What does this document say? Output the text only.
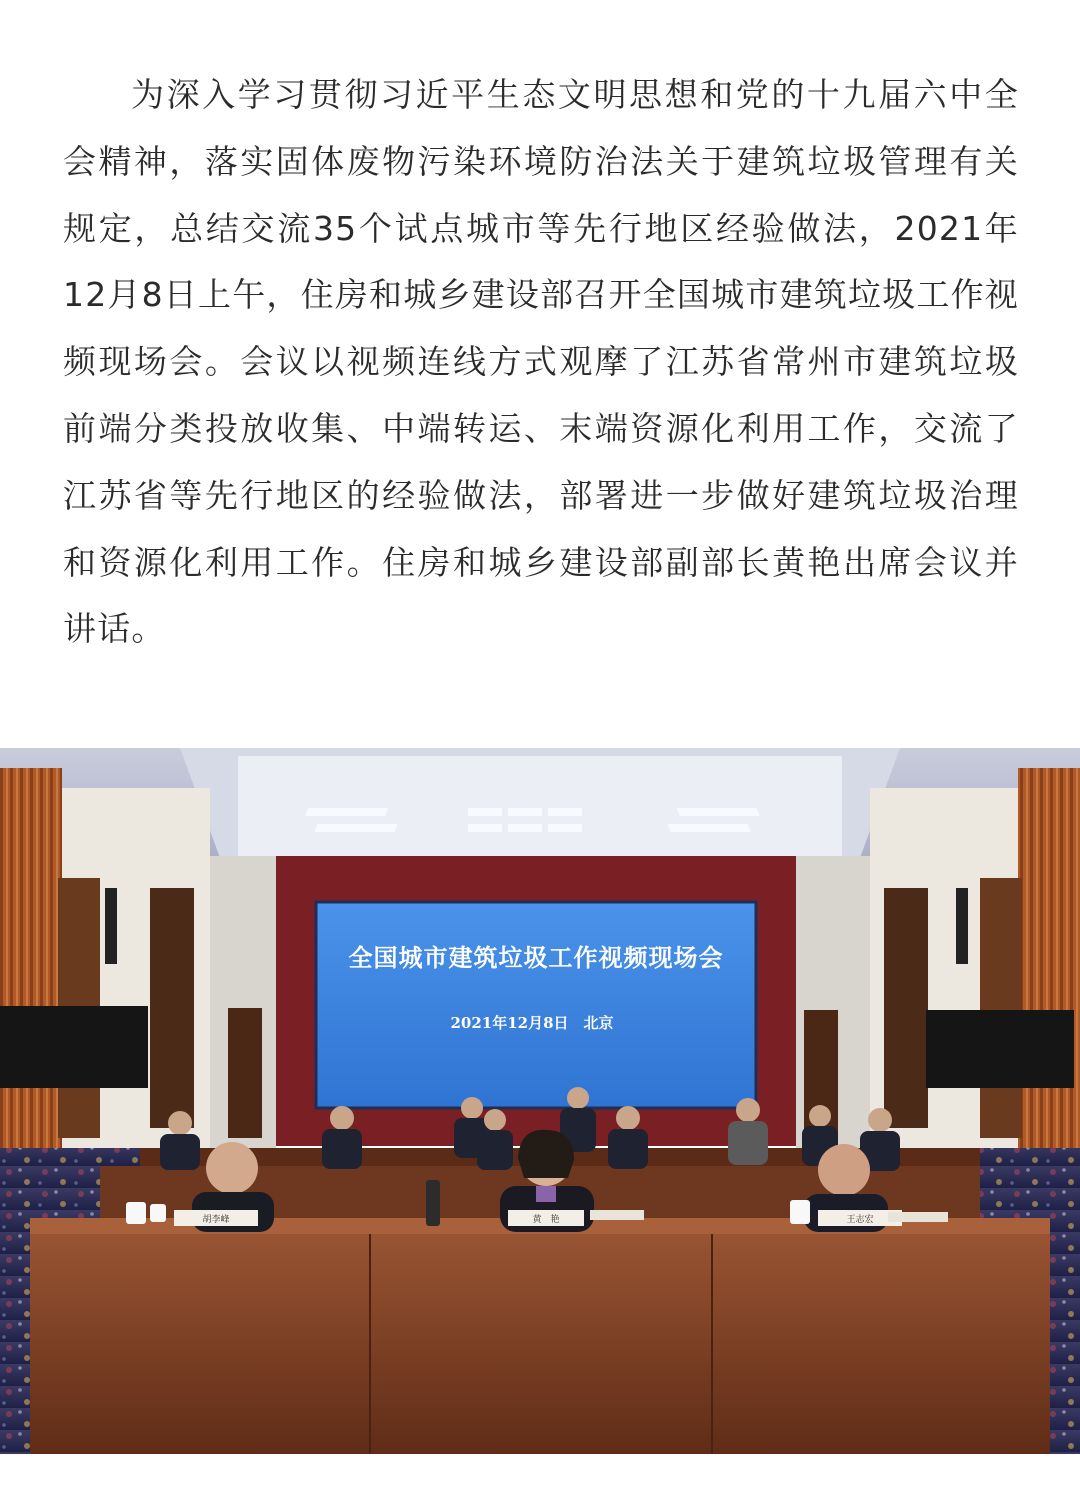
为深入学习贯彻习近平生态文明思想和党的十九届六中全会精神，落实固体废物污染环境防治法关于建筑垃圾管理有关规定，总结交流35个试点城市等先行地区经验做法，2021年12月8日上午，住房和城乡建设部召开全国城市建筑垃圾工作视频现场会。会议以视频连线方式观摩了江苏省常州市建筑垃圾前端分类投放收集、中端转运、末端资源化利用工作，交流了江苏省等先行地区的经验做法，部署进一步做好建筑垃圾治理和资源化利用工作。住房和城乡建设部副部长黄艳出席会议并讲话。

全国城市建筑垃圾工作视频现场会
2021年12月8日　北京
胡李峰	黄　艳	王志宏
